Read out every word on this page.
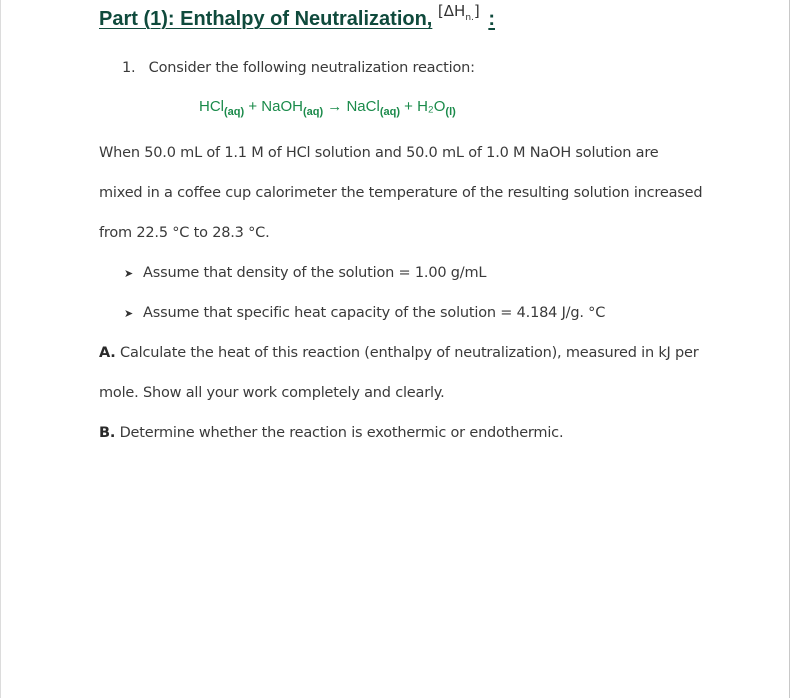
Part (1): Enthalpy of Neutralization, [ΔHn.] :
1. Consider the following neutralization reaction:
HCl$_{(aq)}$ + NaOH$_{(aq)}$ → NaCl$_{(aq)}$ + $H_2O_{(l)}$
When 50.0 mL of 1.1 M of HCl solution and 50.0 mL of 1.0 M NaOH solution are
mixed in a coffee cup calorimeter the temperature of the resulting solution increased
from 22.5 °C to 28.3 °C.
➤ Assume that density of the solution = 1.00 g/mL
➤ Assume that specific heat capacity of the solution = 4.184 J/g. °C
A. Calculate the heat of this reaction (enthalpy of neutralization), measured in kJ per
mole. Show all your work completely and clearly.
B. Determine whether the reaction is exothermic or endothermic.
